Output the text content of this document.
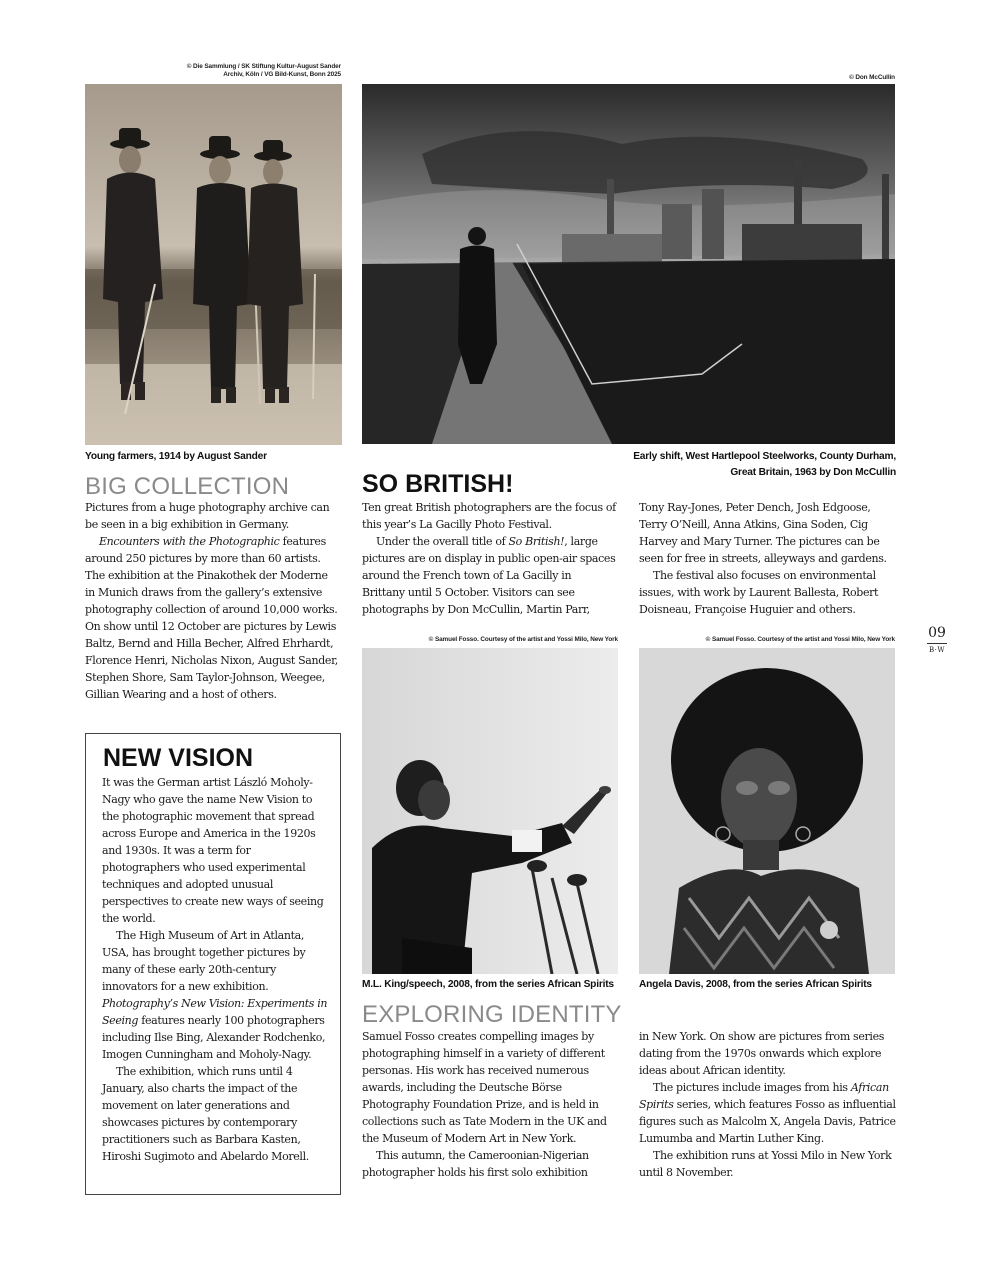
© Die Sammlung / SK Stiftung Kultur-August Sander
Archiv, Köln / VG Bild-Kunst, Bonn 2025
Young farmers, 1914 by August Sander
© Don McCullin
Early shift, West Hartlepool Steelworks, County Durham,
Great Britain, 1963 by Don McCullin
BIG COLLECTION

Pictures from a huge photography archive can be seen in a big exhibition in Germany.

Encounters with the Photographic features around 250 pictures by more than 60 artists. The exhibition at the Pinakothek der Moderne in Munich draws from the gallery’s extensive photography collection of around 10,000 works. On show until 12 October are pictures by Lewis Baltz, Bernd and Hilla Becher, Alfred Ehrhardt, Florence Henri, Nicholas Nixon, August Sander, Stephen Shore, Sam Taylor-Johnson, Weegee, Gillian Wearing and a host of others.

SO BRITISH!

Ten great British photographers are the focus of this year’s La Gacilly Photo Festival.

Under the overall title of So British!, large pictures are on display in public open-air spaces around the French town of La Gacilly in Brittany until 5 October. Visitors can see photographs by Don McCullin, Martin Parr,

Tony Ray-Jones, Peter Dench, Josh Edgoose, Terry O’Neill, Anna Atkins, Gina Soden, Cig Harvey and Mary Turner. The pictures can be seen for free in streets, alleyways and gardens.

The festival also focuses on environmental issues, with work by Laurent Ballesta, Robert Doisneau, Françoise Huguier and others.

09
B·W
© Samuel Fosso. Courtesy of the artist and Yossi Milo, New York
M.L. King/speech, 2008, from the series African Spirits
© Samuel Fosso. Courtesy of the artist and Yossi Milo, New York
Angela Davis, 2008, from the series African Spirits
NEW VISION

It was the German artist László Moholy-Nagy who gave the name New Vision to the photographic movement that spread across Europe and America in the 1920s and 1930s. It was a term for photographers who used experimental techniques and adopted unusual perspectives to create new ways of seeing the world.

The High Museum of Art in Atlanta, USA, has brought together pictures by many of these early 20th-century innovators for a new exhibition. Photography’s New Vision: Experiments in Seeing features nearly 100 photographers including Ilse Bing, Alexander Rodchenko, Imogen Cunningham and Moholy-Nagy.

The exhibition, which runs until 4 January, also charts the impact of the movement on later generations and showcases pictures by contemporary practitioners such as Barbara Kasten, Hiroshi Sugimoto and Abelardo Morell.

EXPLORING IDENTITY

Samuel Fosso creates compelling images by photographing himself in a variety of different personas. His work has received numerous awards, including the Deutsche Börse Photography Foundation Prize, and is held in collections such as Tate Modern in the UK and the Museum of Modern Art in New York.

This autumn, the Cameroonian-Nigerian photographer holds his first solo exhibition

in New York. On show are pictures from series dating from the 1970s onwards which explore ideas about African identity.

The pictures include images from his African Spirits series, which features Fosso as influential figures such as Malcolm X, Angela Davis, Patrice Lumumba and Martin Luther King.

The exhibition runs at Yossi Milo in New York until 8 November.
